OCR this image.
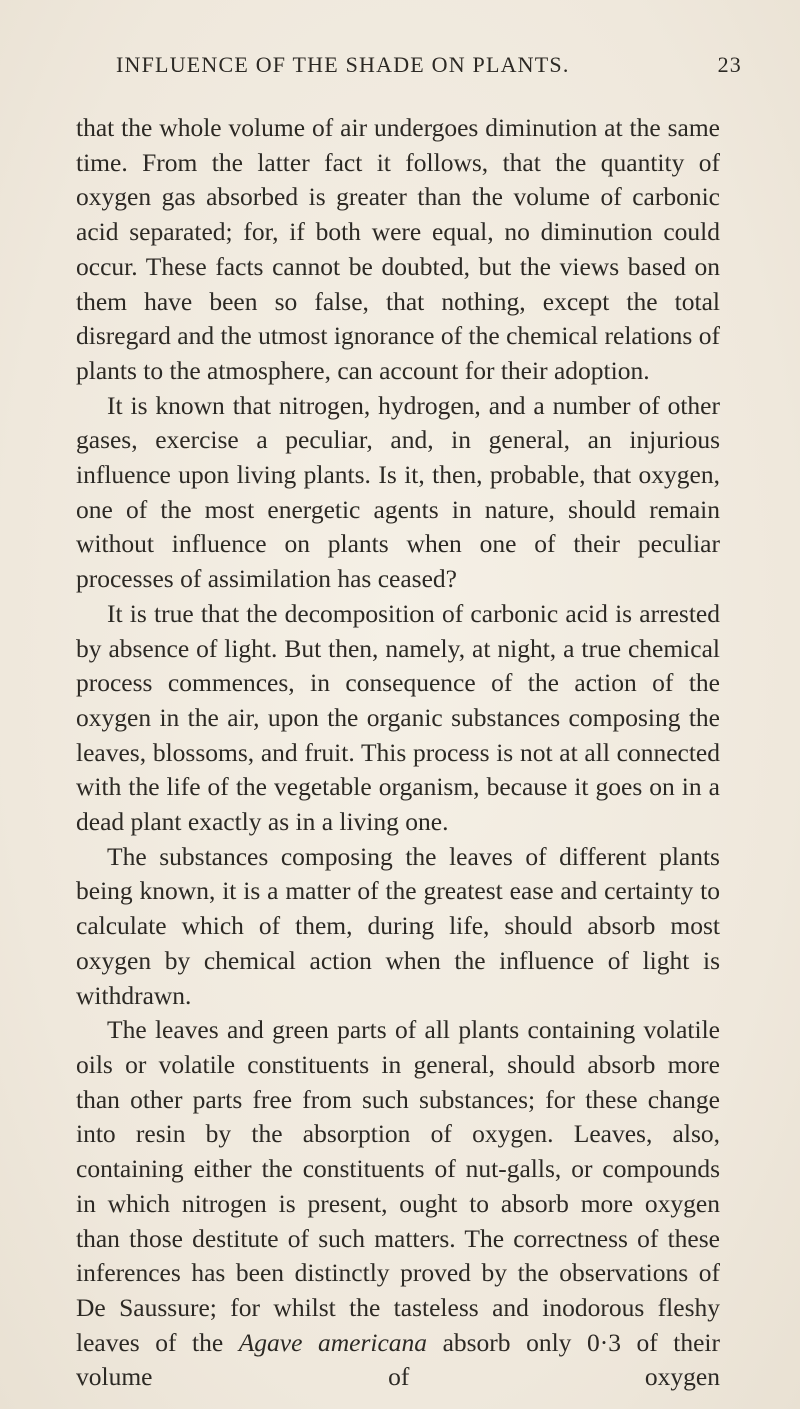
INFLUENCE OF THE SHADE ON PLANTS.	23

that the whole volume of air undergoes diminution at the same time. From the latter fact it follows, that the quantity of oxygen gas absorbed is greater than the volume of carbonic acid separated; for, if both were equal, no diminution could occur. These facts cannot be doubted, but the views based on them have been so false, that nothing, except the total disregard and the utmost ignorance of the chemical relations of plants to the atmosphere, can account for their adoption.

It is known that nitrogen, hydrogen, and a number of other gases, exercise a peculiar, and, in general, an injurious influence upon living plants. Is it, then, probable, that oxygen, one of the most energetic agents in nature, should remain without influence on plants when one of their peculiar processes of assimilation has ceased?

It is true that the decomposition of carbonic acid is arrested by absence of light. But then, namely, at night, a true chemical process commences, in consequence of the action of the oxygen in the air, upon the organic substances composing the leaves, blossoms, and fruit. This process is not at all connected with the life of the vegetable organism, because it goes on in a dead plant exactly as in a living one.

The substances composing the leaves of different plants being known, it is a matter of the greatest ease and certainty to calculate which of them, during life, should absorb most oxygen by chemical action when the influence of light is withdrawn.

The leaves and green parts of all plants containing volatile oils or volatile constituents in general, should absorb more than other parts free from such substances; for these change into resin by the absorption of oxygen. Leaves, also, containing either the constituents of nut-galls, or compounds in which nitrogen is present, ought to absorb more oxygen than those destitute of such matters. The correctness of these inferences has been distinctly proved by the observations of De Saussure; for whilst the tasteless and inodorous fleshy leaves of the Agave americana absorb only 0·3 of their volume of oxygen
